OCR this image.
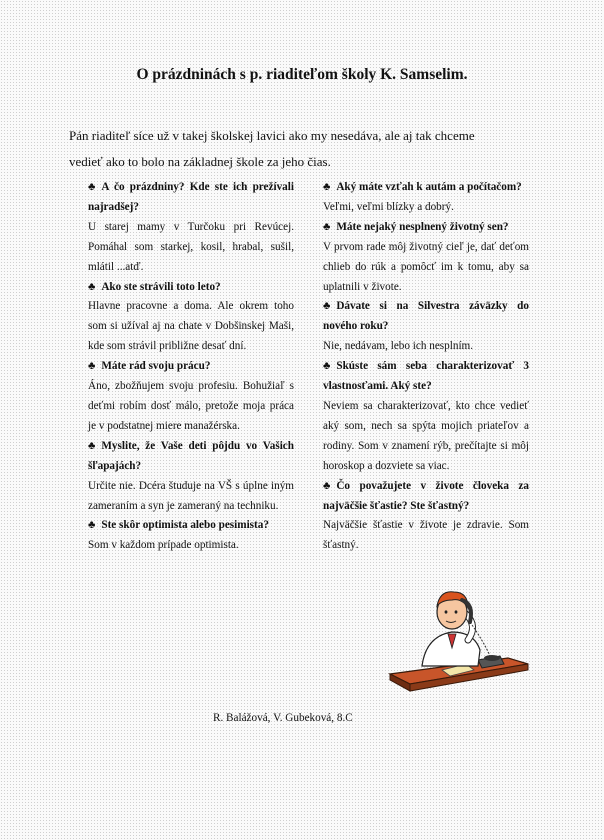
O prázdninách s p. riaditeľom školy K. Samselim.

Pán riaditeľ síce už v takej školskej lavici ako my nesedáva, ale aj tak chceme

vedieť ako to bolo na základnej škole za jeho čias.

♣ A čo prázdniny? Kde ste ich prežívali najradšej?
U starej mamy v Turčoku pri Revúcej. Pomáhal som starkej, kosil, hrabal, sušil, mlátil ...atď.
♣ Ako ste strávili toto leto?
Hlavne pracovne a doma. Ale okrem toho som si užíval aj na chate v Dobšinskej Maši, kde som strávil približne desať dní.
♣ Máte rád svoju prácu?
Áno, zbožňujem svoju profesiu. Bohužiaľ s deťmi robím dosť málo, pretože moja práca je v podstatnej miere manažérska.
♣ Myslite, že Vaše deti pôjdu vo Vašich šľapajách?
Určite nie. Dcéra študuje na VŠ s úplne iným zameraním a syn je zameraný na techniku.
♣ Ste skôr optimista alebo pesimista?
Som v každom prípade optimista.
♣ Aký máte vzťah k autám a počítačom?
Veľmi, veľmi blízky a dobrý.
♣ Máte nejaký nesplnený životný sen?
V prvom rade môj životný cieľ je, dať deťom chlieb do rúk a pomôcť im k tomu, aby sa uplatnili v živote.
♣ Dávate si na Silvestra záväzky do nového roku?
Nie, nedávam, lebo ich nesplním.
♣ Skúste sám seba charakterizovať 3 vlastnosťami. Aký ste?
Neviem sa charakterizovať, kto chce vedieť aký som, nech sa spýta mojich priateľov a rodiny. Som v znamení rýb, prečítajte si môj horoskop a dozviete sa viac.
♣ Čo považujete v živote človeka za najväčšie šťastie? Ste šťastný?
Najväčšie šťastie v živote je zdravie. Som šťastný.
R. Balážová, V. Gubeková, 8.C
